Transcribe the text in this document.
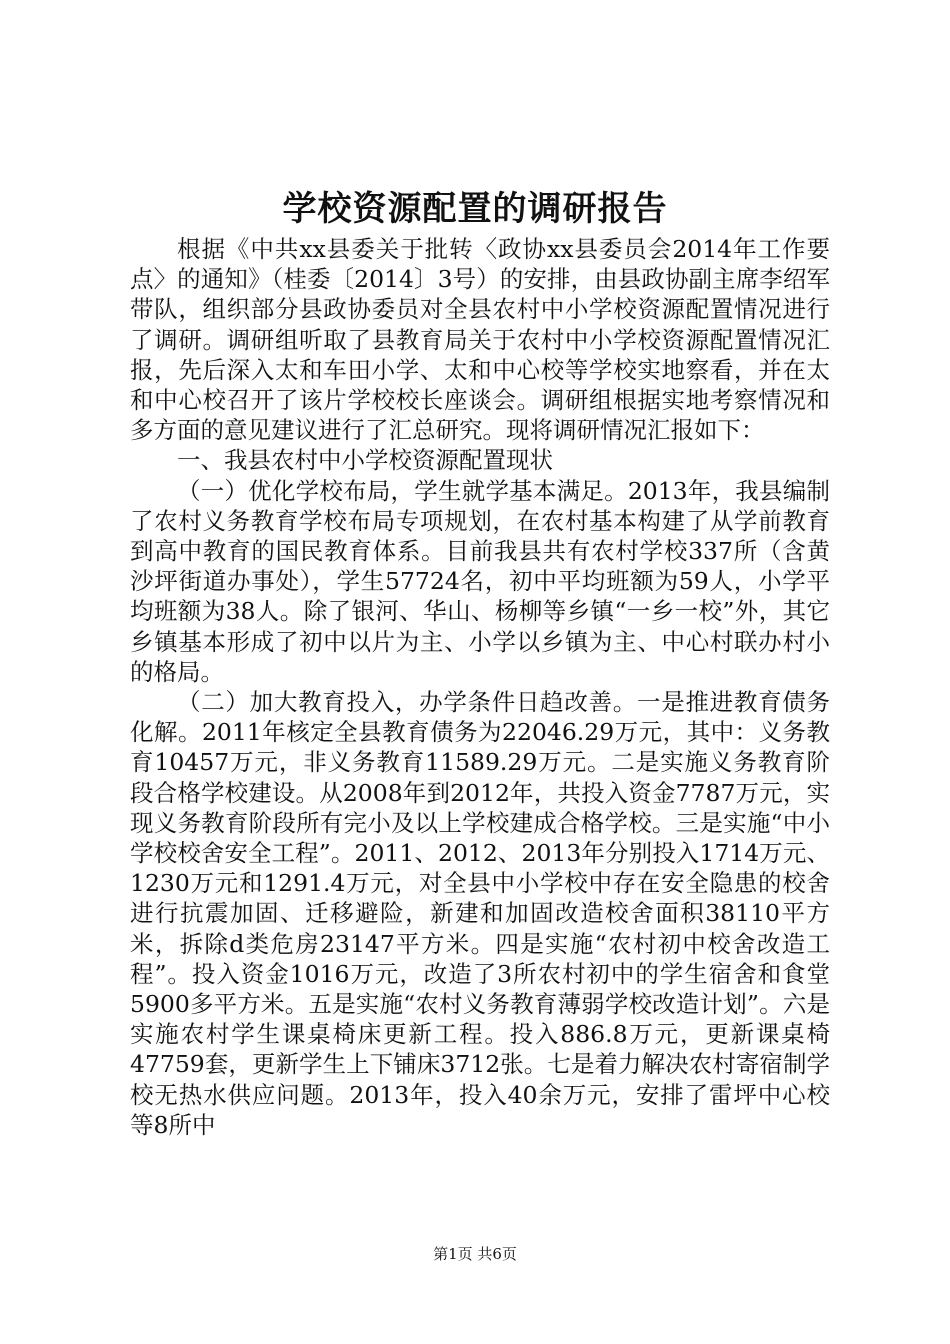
学校资源配置的调研报告

根据《中共xx县委关于批转〈政协xx县委员会2014年工作要点〉的通知》（桂委〔2014〕3号）的安排，由县政协副主席李绍军带队，组织部分县政协委员对全县农村中小学校资源配置情况进行了调研。调研组听取了县教育局关于农村中小学校资源配置情况汇报，先后深入太和车田小学、太和中心校等学校实地察看，并在太和中心校召开了该片学校校长座谈会。调研组根据实地考察情况和多方面的意见建议进行了汇总研究。现将调研情况汇报如下：

一、我县农村中小学校资源配置现状

（一）优化学校布局，学生就学基本满足。2013年，我县编制了农村义务教育学校布局专项规划，在农村基本构建了从学前教育到高中教育的国民教育体系。目前我县共有农村学校337所（含黄沙坪街道办事处），学生57724名，初中平均班额为59人，小学平均班额为38人。除了银河、华山、杨柳等乡镇“一乡一校”外，其它乡镇基本形成了初中以片为主、小学以乡镇为主、中心村联办村小的格局。

（二）加大教育投入，办学条件日趋改善。一是推进教育债务化解。2011年核定全县教育债务为22046.29万元，其中：义务教育10457万元，非义务教育11589.29万元。二是实施义务教育阶段合格学校建设。从2008年到2012年，共投入资金7787万元，实现义务教育阶段所有完小及以上学校建成合格学校。三是实施“中小学校校舍安全工程”。2011、2012、2013年分别投入1714万元、1230万元和1291.4万元，对全县中小学校中存在安全隐患的校舍进行抗震加固、迁移避险，新建和加固改造校舍面积38110平方米，拆除d类危房23147平方米。四是实施“农村初中校舍改造工程”。投入资金1016万元，改造了3所农村初中的学生宿舍和食堂5900多平方米。五是实施“农村义务教育薄弱学校改造计划”。六是实施农村学生课桌椅床更新工程。投入886.8万元，更新课桌椅47759套，更新学生上下铺床3712张。七是着力解决农村寄宿制学校无热水供应问题。2013年，投入40余万元，安排了雷坪中心校等8所中

第1页 共6页
